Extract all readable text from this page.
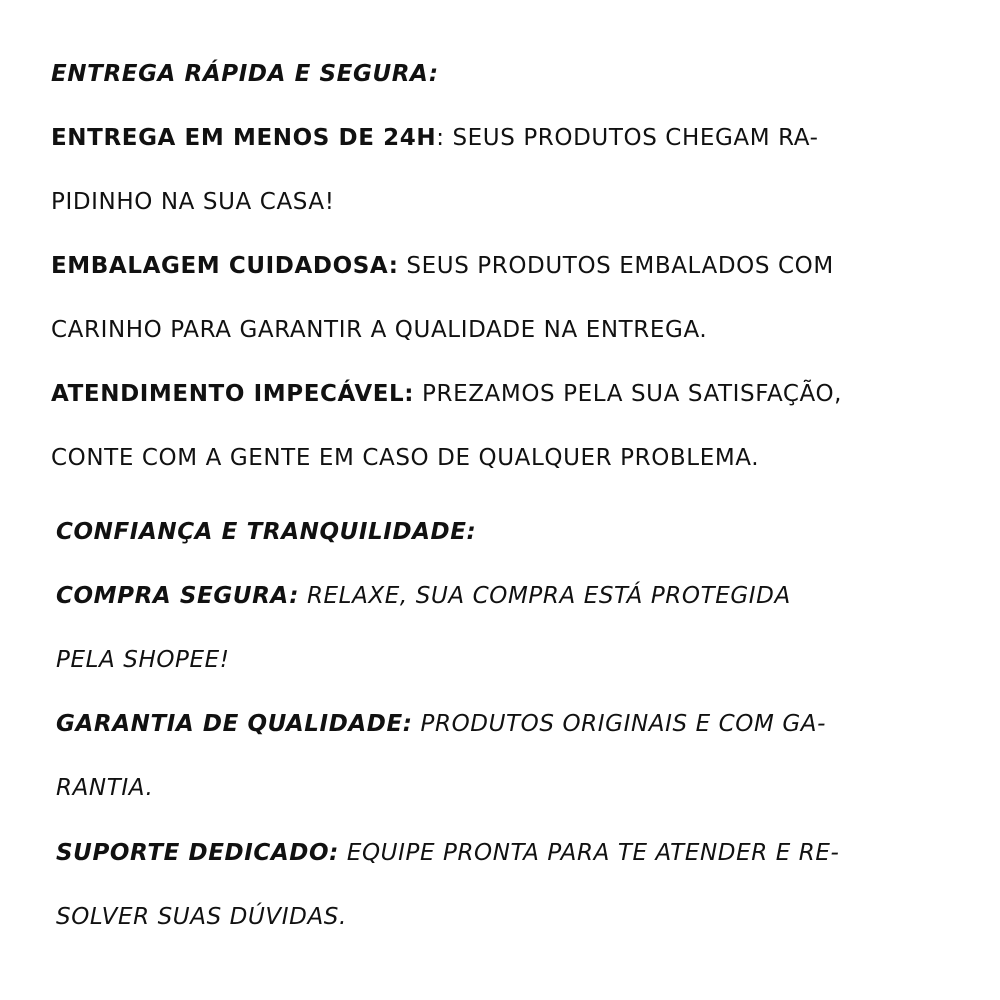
ENTREGA RÁPIDA E SEGURA:
ENTREGA EM MENOS DE 24H: SEUS PRODUTOS CHEGAM RA-
PIDINHO NA SUA CASA!
EMBALAGEM CUIDADOSA: SEUS PRODUTOS EMBALADOS COM
CARINHO PARA GARANTIR A QUALIDADE NA ENTREGA.
ATENDIMENTO IMPECÁVEL: PREZAMOS PELA SUA SATISFAÇÃO,
CONTE COM A GENTE EM CASO DE QUALQUER PROBLEMA.
CONFIANÇA E TRANQUILIDADE:
COMPRA SEGURA: RELAXE, SUA COMPRA ESTÁ PROTEGIDA
PELA SHOPEE!
GARANTIA DE QUALIDADE: PRODUTOS ORIGINAIS E COM GA-
RANTIA.
SUPORTE DEDICADO: EQUIPE PRONTA PARA TE ATENDER E RE-
SOLVER SUAS DÚVIDAS.
